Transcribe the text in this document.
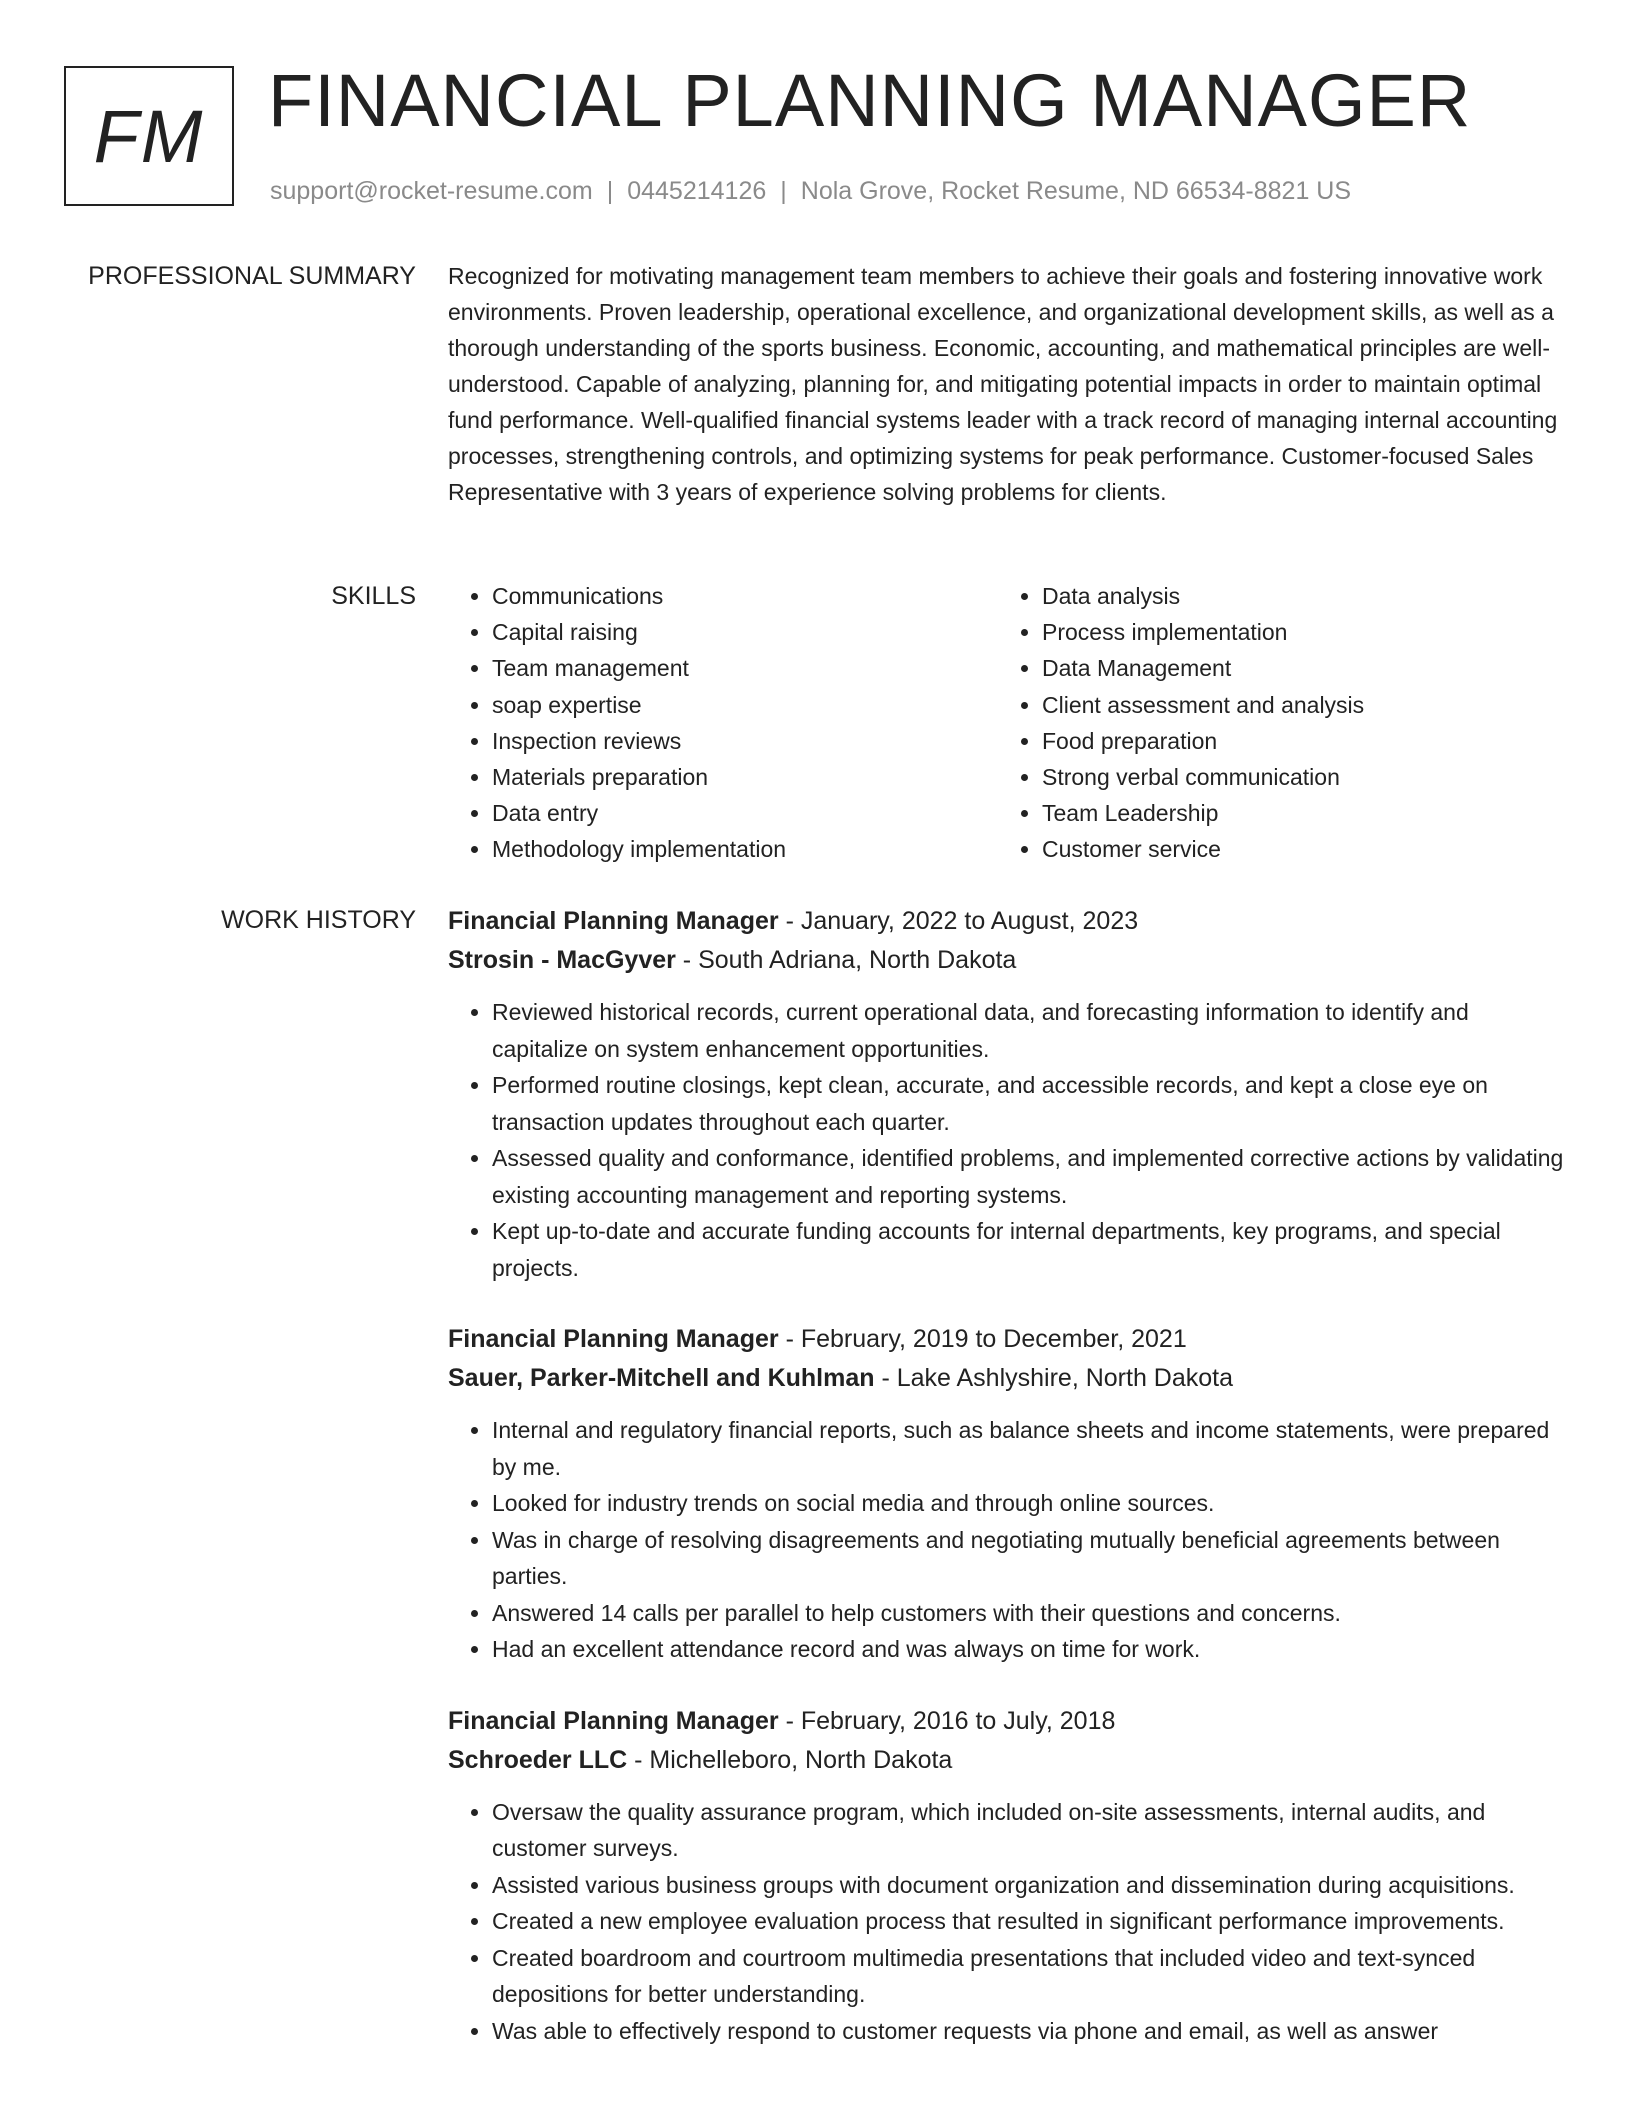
FM FINANCIAL PLANNING MANAGER
support@rocket-resume.com | 0445214126 | Nola Grove, Rocket Resume, ND 66534-8821 US
PROFESSIONAL SUMMARY Recognized for motivating management team members to achieve their goals and fostering innovative work environments. Proven leadership, operational excellence, and organizational development skills, as well as a thorough understanding of the sports business. Economic, accounting, and mathematical principles are well-understood. Capable of analyzing, planning for, and mitigating potential impacts in order to maintain optimal fund performance. Well-qualified financial systems leader with a track record of managing internal accounting processes, strengthening controls, and optimizing systems for peak performance. Customer-focused Sales Representative with 3 years of experience solving problems for clients.

SKILLS
•	Communications
• Capital raising
• Team management
• soap expertise
• Inspection reviews
• Materials preparation
• Data entry
• Methodology implementation
• Data analysis
• Process implementation
• Data Management
• Client assessment and analysis
• Food preparation
• Strong verbal communication
• Team Leadership
• Customer service
WORK HISTORY Financial Planning Manager - January, 2022 to August, 2023
Strosin - MacGyver - South Adriana, North Dakota
• Reviewed historical records, current operational data, and forecasting information to identify and capitalize on system enhancement opportunities.
• Performed routine closings, kept clean, accurate, and accessible records, and kept a close eye on transaction updates throughout each quarter.
• Assessed quality and conformance, identified problems, and implemented corrective actions by validating existing accounting management and reporting systems.
• Kept up-to-date and accurate funding accounts for internal departments, key programs, and special projects.
Financial Planning Manager - February, 2019 to December, 2021
Sauer, Parker-Mitchell and Kuhlman - Lake Ashlyshire, North Dakota
• Internal and regulatory financial reports, such as balance sheets and income statements, were prepared by me.
• Looked for industry trends on social media and through online sources.
• Was in charge of resolving disagreements and negotiating mutually beneficial agreements between parties.
• Answered 14 calls per parallel to help customers with their questions and concerns.
• Had an excellent attendance record and was always on time for work.
Financial Planning Manager - February, 2016 to July, 2018
Schroeder LLC - Michelleboro, North Dakota
• Oversaw the quality assurance program, which included on-site assessments, internal audits, and customer surveys.
• Assisted various business groups with document organization and dissemination during acquisitions.
• Created a new employee evaluation process that resulted in significant performance improvements.
• Created boardroom and courtroom multimedia presentations that included video and text-synced depositions for better understanding.
• Was able to effectively respond to customer requests via phone and email, as well as answer
